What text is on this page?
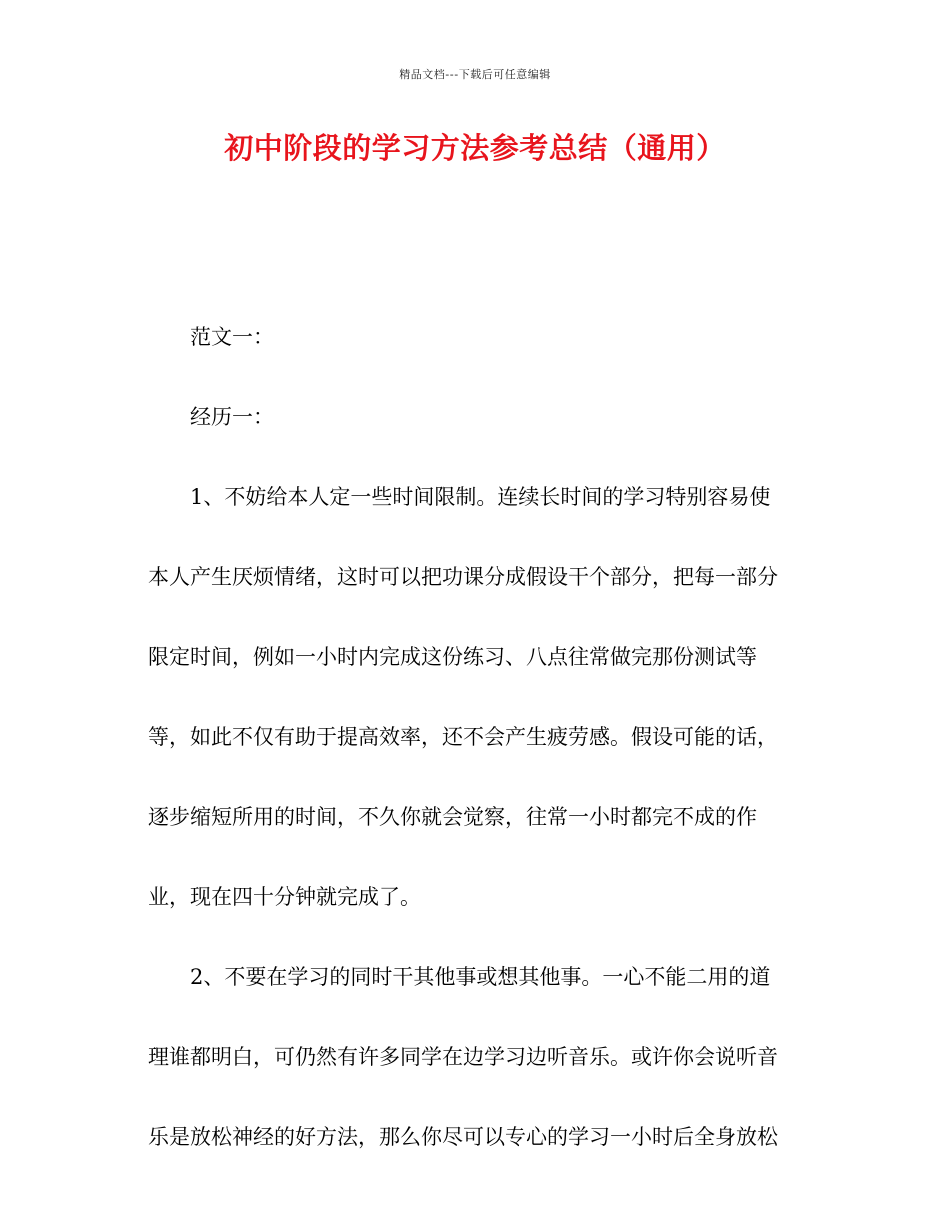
精品文档---下载后可任意编辑
初中阶段的学习方法参考总结（通用）
范文一：
经历一：
1、不妨给本人定一些时间限制。连续长时间的学习特别容易使
本人产生厌烦情绪，这时可以把功课分成假设干个部分，把每一部分
限定时间，例如一小时内完成这份练习、八点往常做完那份测试等
等，如此不仅有助于提高效率，还不会产生疲劳感。假设可能的话，
逐步缩短所用的时间，不久你就会觉察，往常一小时都完不成的作
业，现在四十分钟就完成了。
2、不要在学习的同时干其他事或想其他事。一心不能二用的道
理谁都明白，可仍然有许多同学在边学习边听音乐。或许你会说听音
乐是放松神经的好方法，那么你尽可以专心的学习一小时后全身放松
